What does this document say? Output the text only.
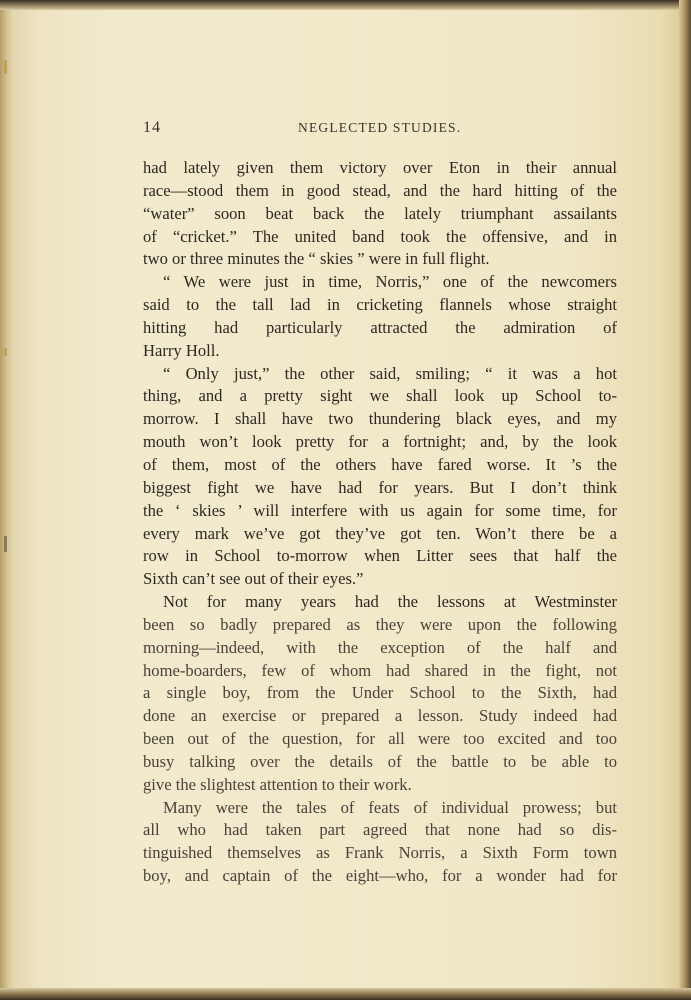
14	NEGLECTED STUDIES.
had lately given them victory over Eton in their annual
race—stood them in good stead, and the hard hitting of the
“water” soon beat back the lately triumphant assailants
of “cricket.” The united band took the offensive, and in
two or three minutes the “ skies ” were in full flight.
“ We were just in time, Norris,” one of the newcomers
said to the tall lad in cricketing flannels whose straight
hitting had particularly attracted the admiration of
Harry Holl.
“ Only just,” the other said, smiling; “ it was a hot
thing, and a pretty sight we shall look up School to-
morrow. I shall have two thundering black eyes, and my
mouth won’t look pretty for a fortnight; and, by the look
of them, most of the others have fared worse. It ’s the
biggest fight we have had for years. But I don’t think
the ‘ skies ’ will interfere with us again for some time, for
every mark we’ve got they’ve got ten. Won’t there be a
row in School to-morrow when Litter sees that half the
Sixth can’t see out of their eyes.”
Not for many years had the lessons at Westminster
been so badly prepared as they were upon the following
morning—indeed, with the exception of the half and
home-boarders, few of whom had shared in the fight, not
a single boy, from the Under School to the Sixth, had
done an exercise or prepared a lesson. Study indeed had
been out of the question, for all were too excited and too
busy talking over the details of the battle to be able to
give the slightest attention to their work.
Many were the tales of feats of individual prowess; but
all who had taken part agreed that none had so dis-
tinguished themselves as Frank Norris, a Sixth Form town
boy, and captain of the eight—who, for a wonder had for
